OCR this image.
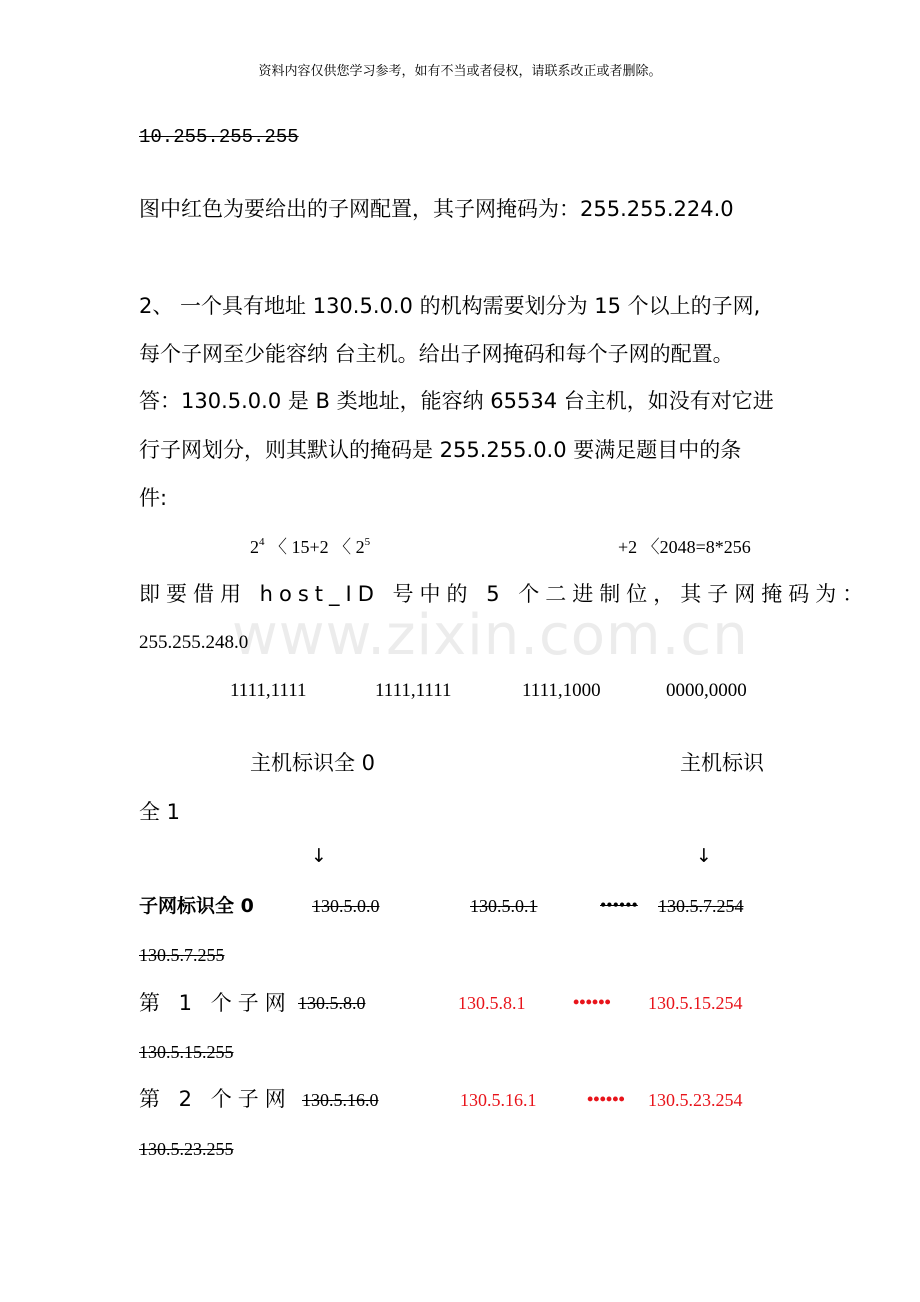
资料内容仅供您学习参考，如有不当或者侵权，请联系改正或者删除。
www.zixin.com.cn
10.255.255.255
图中红色为要给出的子网配置，其子网掩码为：255.255.224.0
2、 一个具有地址 130.5.0.0 的机构需要划分为 15 个以上的子网,
每个子网至少能容纳 台主机。给出子网掩码和每个子网的配置。
答：130.5.0.0 是 B 类地址，能容纳 65534 台主机，如没有对它进
行子网划分，则其默认的掩码是 255.255.0.0 要满足题目中的条
件:
$2^4$ 〈 15+2 〈 $2^5$	+2 〈2048=8*256
即要借用 host_ID 号中的 5 个二进制位，其子网掩码为：
255.255.248.0
1111,1111	1111,1111	1111,1000	0000,0000
主机标识全 0	主机标识
全 1
↓	↓
子网标识全 0	130.5.0.0	130.5.0.1	•••••• 130.5.7.254
130.5.7.255
第 1 个子网 130.5.8.0	130.5.8.1	•••••• 130.5.15.254
130.5.15.255
第 2 个子网 130.5.16.0	130.5.16.1	•••••• 130.5.23.254
130.5.23.255
